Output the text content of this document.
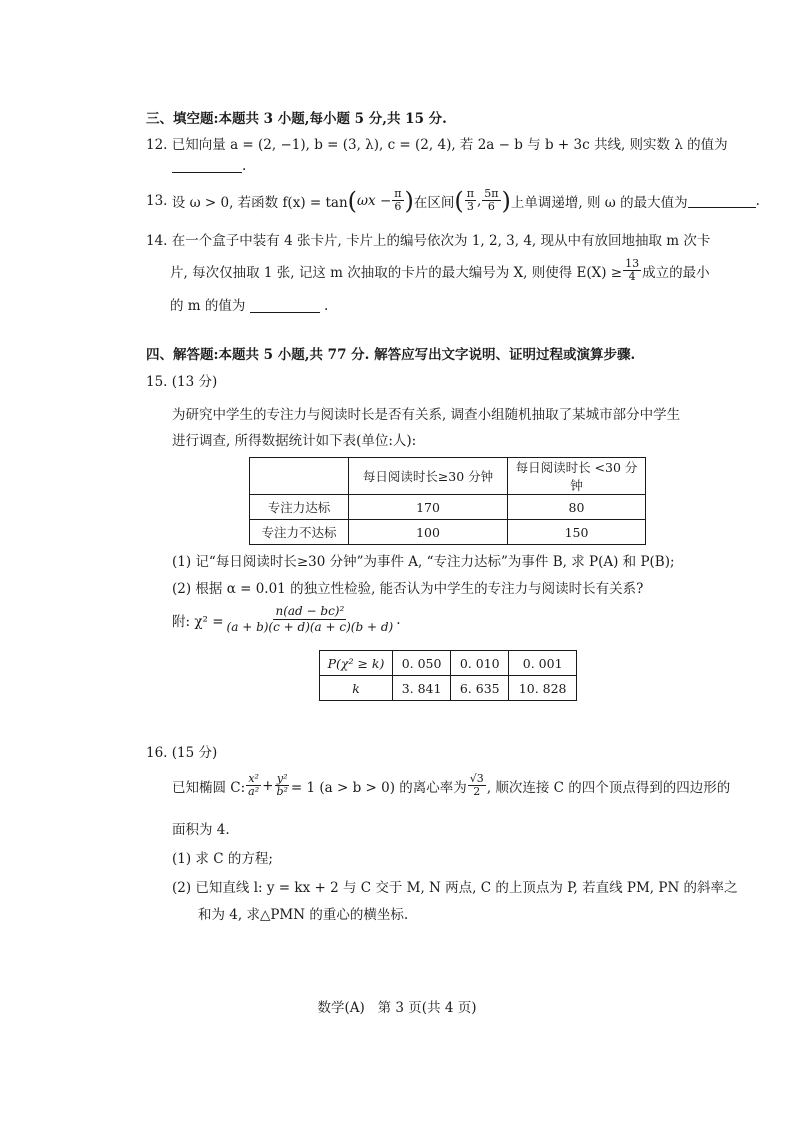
三、填空题:本题共 3 小题,每小题 5 分,共 15 分.
12. 已知向量 a = (2, −1), b = (3, λ), c = (2, 4), 若 2a − b 与 b + 3c 共线, 则实数 λ 的值为
.
13.
设 ω > 0, 若函数 f(x) = tan ( $\omega x - \frac{\pi}{6}$ ) 在区间 ( $\frac{\pi}{3}$ , $\frac{5\pi}{6}$ ) 上单调递增, 则 ω 的最大值为	.
14. 在一个盒子中装有 4 张卡片, 卡片上的编号依次为 1, 2, 3, 4, 现从中有放回地抽取 m 次卡
片, 每次仅抽取 1 张, 记这 m 次抽取的卡片的最大编号为 X, 则使得 $E(X) \ge \frac{13}{4}$ 成立的最小
的 m 的值为	.
四、解答题:本题共 5 小题,共 77 分. 解答应写出文字说明、证明过程或演算步骤.
15. (13 分)
为研究中学生的专注力与阅读时长是否有关系, 调查小组随机抽取了某城市部分中学生
进行调查, 所得数据统计如下表(单位:人):
	每日阅读时长≥30 分钟	每日阅读时长 <30 分钟
专注力达标	170	80
专注力不达标	100	150
(1) 记“每日阅读时长≥30 分钟”为事件 A, “专注力达标”为事件 B, 求 P(A) 和 P(B);
(2) 根据 α = 0.01 的独立性检验, 能否认为中学生的专注力与阅读时长有关系?
附: $\chi^2 = \frac{\text{n(ad − bc)²}}{(a + b)(c + d)(a + c)(b + d)}$ .
P(χ² ≥ k)	0. 050	0. 010	0. 001
k	3. 841	6. 635	10. 828
16. (15 分)
已知椭圆 C: $\frac{\text{x²}}{\text{a²}} + \frac{\text{y²}}{\text{b²}} = 1$ (a > b > 0) 的离心率为 $\frac{√3}{2}$ , 顺次连接 C 的四个顶点得到的四边形的
面积为 4.
(1) 求 C 的方程;
(2) 已知直线 l: y = kx + 2 与 C 交于 M, N 两点, C 的上顶点为 P, 若直线 PM, PN 的斜率之
和为 4, 求△PMN 的重心的横坐标.
数学(A)   第 3 页(共 4 页)
